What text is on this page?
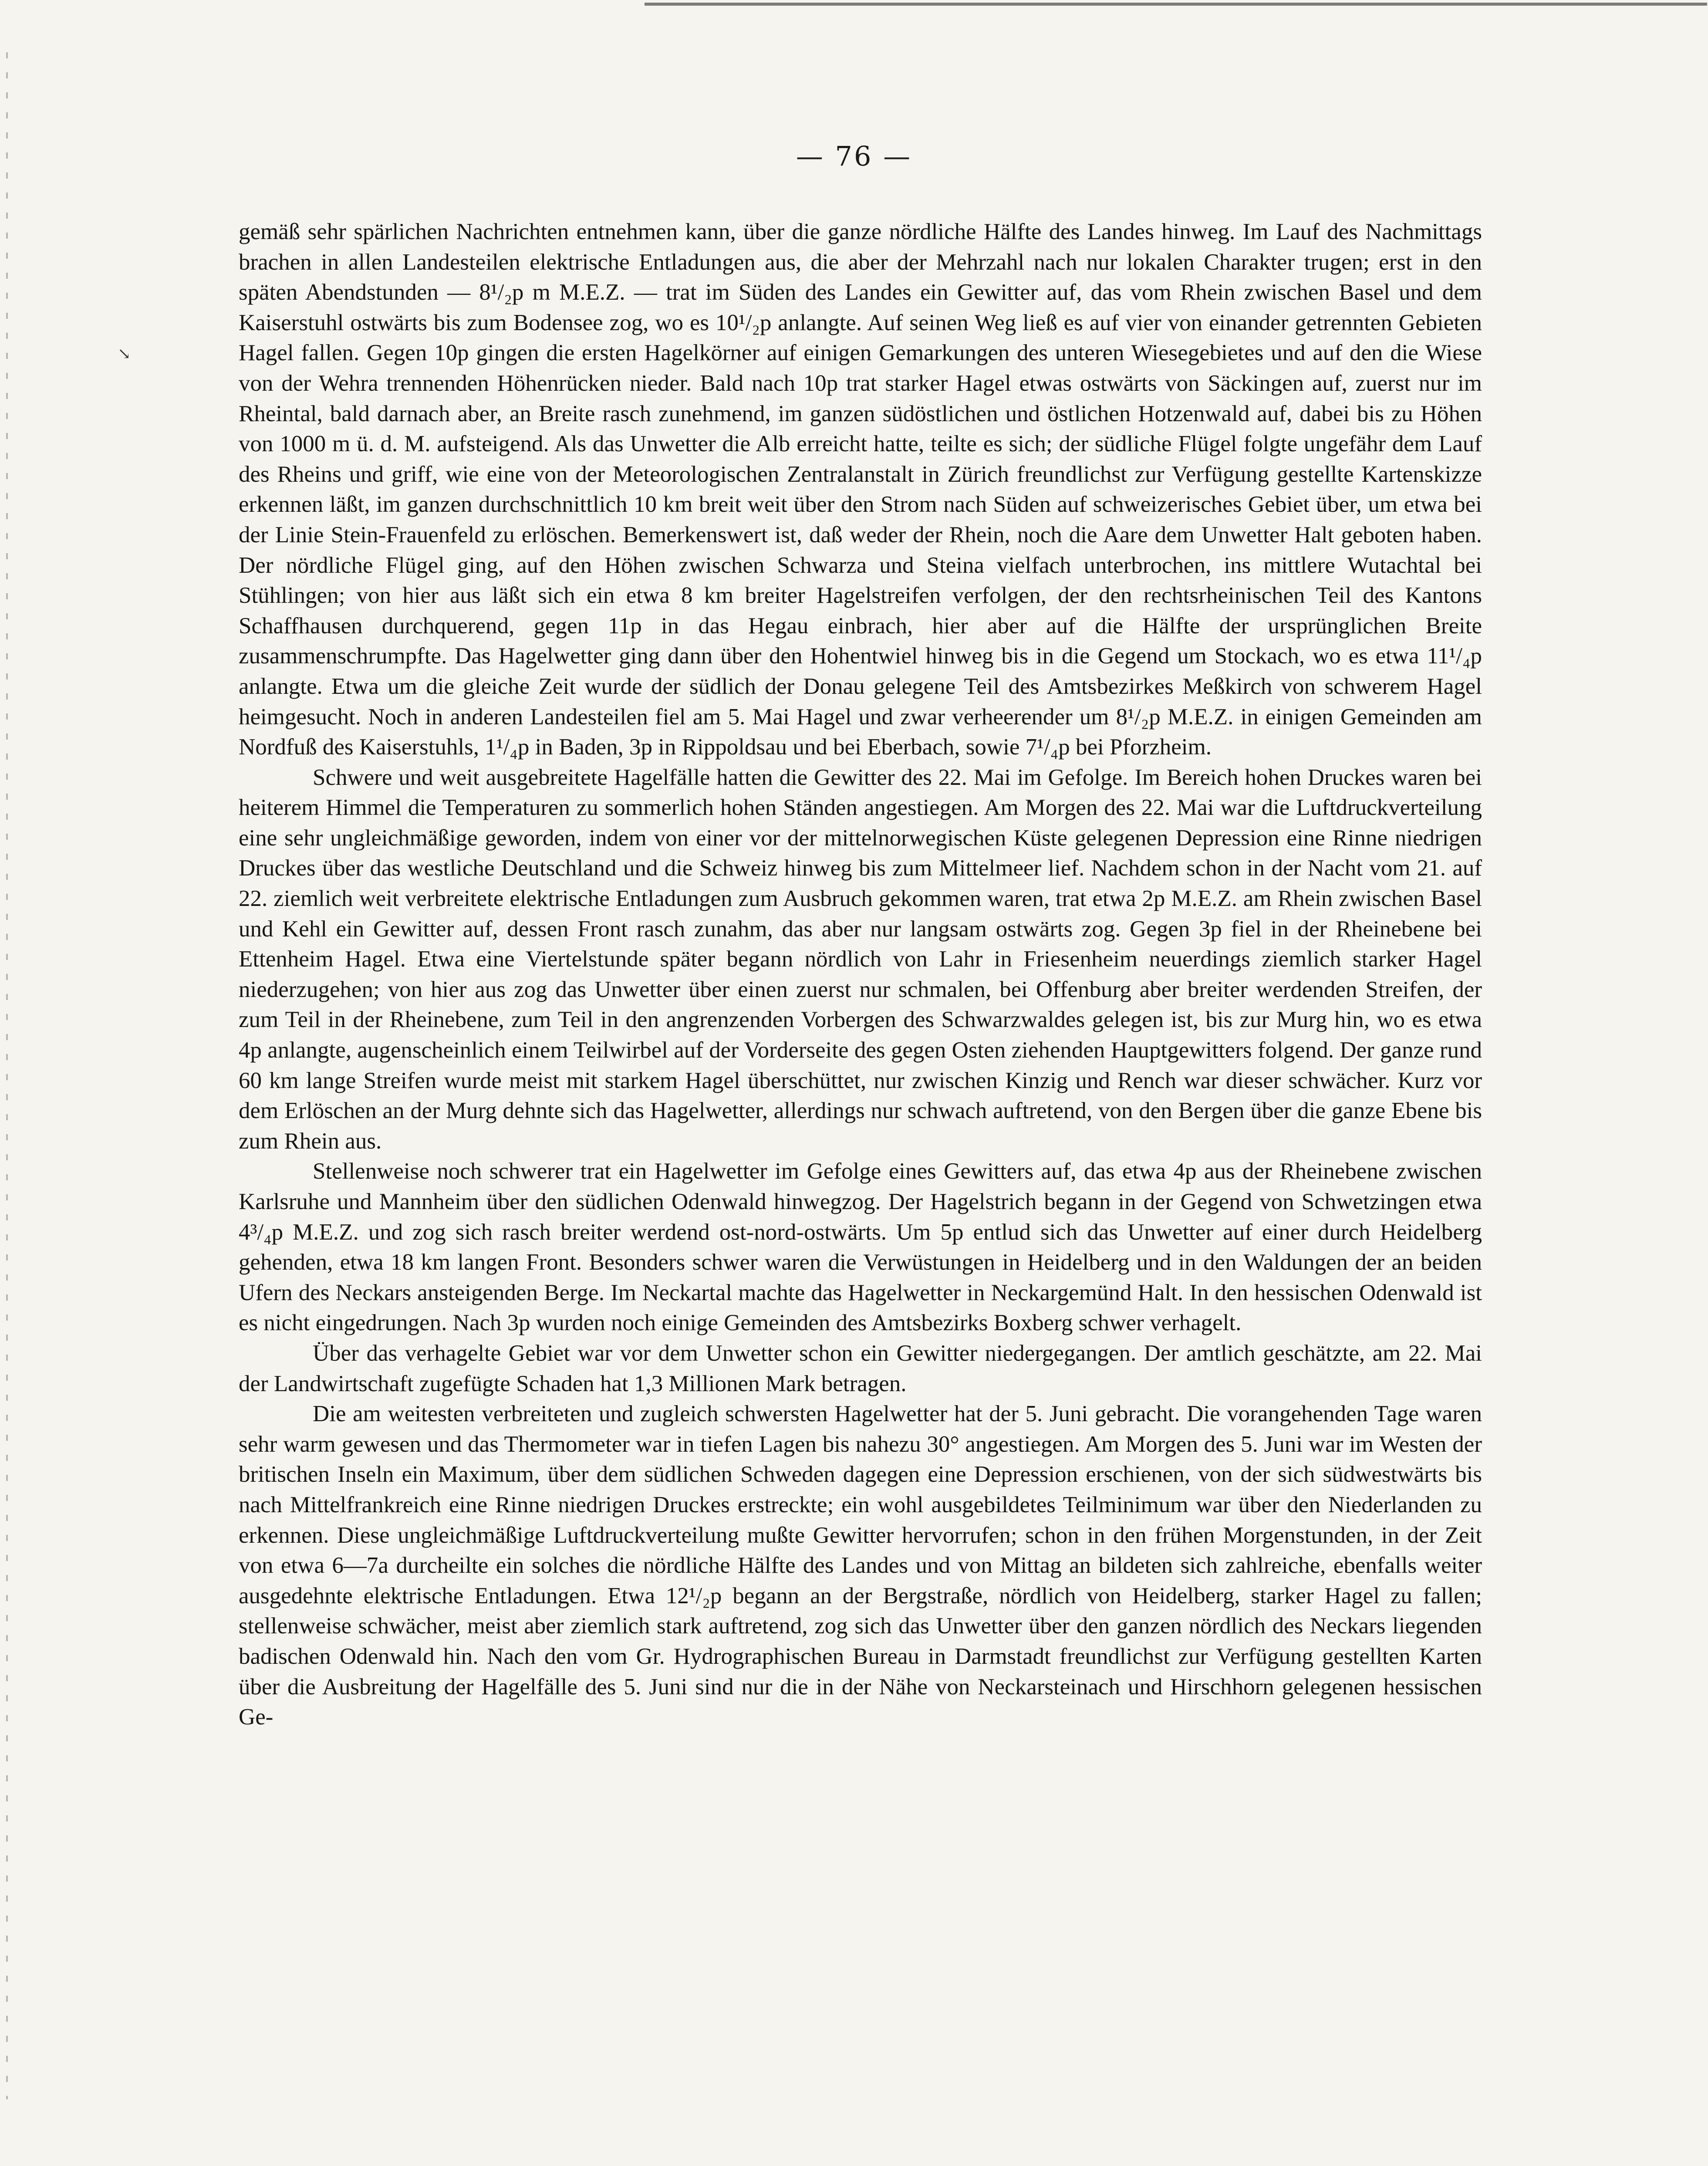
↘
— 76 —

gemäß sehr spärlichen Nachrichten entnehmen kann, über die ganze nördliche Hälfte des Landes hinweg. Im Lauf des Nachmittags brachen in allen Landesteilen elektrische Entladungen aus, die aber der Mehrzahl nach nur lokalen Charakter trugen; erst in den späten Abendstunden — 8¹/₂p m M.E.Z. — trat im Süden des Landes ein Gewitter auf, das vom Rhein zwischen Basel und dem Kaiserstuhl ostwärts bis zum Bodensee zog, wo es 10¹/₂p anlangte. Auf seinen Weg ließ es auf vier von einander getrennten Gebieten Hagel fallen. Gegen 10p gingen die ersten Hagelkörner auf einigen Gemarkungen des unteren Wiesegebietes und auf den die Wiese von der Wehra trennenden Höhenrücken nieder. Bald nach 10p trat starker Hagel etwas ostwärts von Säckingen auf, zuerst nur im Rheintal, bald darnach aber, an Breite rasch zunehmend, im ganzen südöstlichen und östlichen Hotzenwald auf, dabei bis zu Höhen von 1000 m ü. d. M. aufsteigend. Als das Unwetter die Alb erreicht hatte, teilte es sich; der südliche Flügel folgte ungefähr dem Lauf des Rheins und griff, wie eine von der Meteorologischen Zentralanstalt in Zürich freundlichst zur Verfügung gestellte Kartenskizze erkennen läßt, im ganzen durchschnittlich 10 km breit weit über den Strom nach Süden auf schweizerisches Gebiet über, um etwa bei der Linie Stein-Frauenfeld zu erlöschen. Bemerkenswert ist, daß weder der Rhein, noch die Aare dem Unwetter Halt geboten haben. Der nördliche Flügel ging, auf den Höhen zwischen Schwarza und Steina vielfach unterbrochen, ins mittlere Wutachtal bei Stühlingen; von hier aus läßt sich ein etwa 8 km breiter Hagelstreifen verfolgen, der den rechtsrheinischen Teil des Kantons Schaffhausen durchquerend, gegen 11p in das Hegau einbrach, hier aber auf die Hälfte der ursprünglichen Breite zusammenschrumpfte. Das Hagelwetter ging dann über den Hohentwiel hinweg bis in die Gegend um Stockach, wo es etwa 11¹/₄p anlangte. Etwa um die gleiche Zeit wurde der südlich der Donau gelegene Teil des Amtsbezirkes Meßkirch von schwerem Hagel heimgesucht. Noch in anderen Landesteilen fiel am 5. Mai Hagel und zwar verheerender um 8¹/₂p M.E.Z. in einigen Gemeinden am Nordfuß des Kaiserstuhls, 1¹/₄p in Baden, 3p in Rippoldsau und bei Eberbach, sowie 7¹/₄p bei Pforzheim.

Schwere und weit ausgebreitete Hagelfälle hatten die Gewitter des 22. Mai im Gefolge. Im Bereich hohen Druckes waren bei heiterem Himmel die Temperaturen zu sommerlich hohen Ständen angestiegen. Am Morgen des 22. Mai war die Luftdruckverteilung eine sehr ungleichmäßige geworden, indem von einer vor der mittelnorwegischen Küste gelegenen Depression eine Rinne niedrigen Druckes über das westliche Deutschland und die Schweiz hinweg bis zum Mittelmeer lief. Nachdem schon in der Nacht vom 21. auf 22. ziemlich weit verbreitete elektrische Entladungen zum Ausbruch gekommen waren, trat etwa 2p M.E.Z. am Rhein zwischen Basel und Kehl ein Gewitter auf, dessen Front rasch zunahm, das aber nur langsam ostwärts zog. Gegen 3p fiel in der Rheinebene bei Ettenheim Hagel. Etwa eine Viertelstunde später begann nördlich von Lahr in Friesenheim neuerdings ziemlich starker Hagel niederzugehen; von hier aus zog das Unwetter über einen zuerst nur schmalen, bei Offenburg aber breiter werdenden Streifen, der zum Teil in der Rheinebene, zum Teil in den angrenzenden Vorbergen des Schwarzwaldes gelegen ist, bis zur Murg hin, wo es etwa 4p anlangte, augenscheinlich einem Teilwirbel auf der Vorderseite des gegen Osten ziehenden Hauptgewitters folgend. Der ganze rund 60 km lange Streifen wurde meist mit starkem Hagel überschüttet, nur zwischen Kinzig und Rench war dieser schwächer. Kurz vor dem Erlöschen an der Murg dehnte sich das Hagelwetter, allerdings nur schwach auftretend, von den Bergen über die ganze Ebene bis zum Rhein aus.

Stellenweise noch schwerer trat ein Hagelwetter im Gefolge eines Gewitters auf, das etwa 4p aus der Rheinebene zwischen Karlsruhe und Mannheim über den südlichen Odenwald hinwegzog. Der Hagelstrich begann in der Gegend von Schwetzingen etwa 4³/₄p M.E.Z. und zog sich rasch breiter werdend ost-nord-ostwärts. Um 5p entlud sich das Unwetter auf einer durch Heidelberg gehenden, etwa 18 km langen Front. Besonders schwer waren die Verwüstungen in Heidelberg und in den Waldungen der an beiden Ufern des Neckars ansteigenden Berge. Im Neckartal machte das Hagelwetter in Neckargemünd Halt. In den hessischen Odenwald ist es nicht eingedrungen. Nach 3p wurden noch einige Gemeinden des Amtsbezirks Boxberg schwer verhagelt.

Über das verhagelte Gebiet war vor dem Unwetter schon ein Gewitter niedergegangen. Der amtlich geschätzte, am 22. Mai der Landwirtschaft zugefügte Schaden hat 1,3 Millionen Mark betragen.

Die am weitesten verbreiteten und zugleich schwersten Hagelwetter hat der 5. Juni gebracht. Die vorangehenden Tage waren sehr warm gewesen und das Thermometer war in tiefen Lagen bis nahezu 30° angestiegen. Am Morgen des 5. Juni war im Westen der britischen Inseln ein Maximum, über dem südlichen Schweden dagegen eine Depression erschienen, von der sich südwestwärts bis nach Mittelfrankreich eine Rinne niedrigen Druckes erstreckte; ein wohl ausgebildetes Teilminimum war über den Niederlanden zu erkennen. Diese ungleichmäßige Luftdruckverteilung mußte Gewitter hervorrufen; schon in den frühen Morgenstunden, in der Zeit von etwa 6—7a durcheilte ein solches die nördliche Hälfte des Landes und von Mittag an bildeten sich zahlreiche, ebenfalls weiter ausgedehnte elektrische Entladungen. Etwa 12¹/₂p begann an der Bergstraße, nördlich von Heidelberg, starker Hagel zu fallen; stellenweise schwächer, meist aber ziemlich stark auftretend, zog sich das Unwetter über den ganzen nördlich des Neckars liegenden badischen Odenwald hin. Nach den vom Gr. Hydrographischen Bureau in Darmstadt freundlichst zur Verfügung gestellten Karten über die Ausbreitung der Hagelfälle des 5. Juni sind nur die in der Nähe von Neckarsteinach und Hirschhorn gelegenen hessischen Ge-
